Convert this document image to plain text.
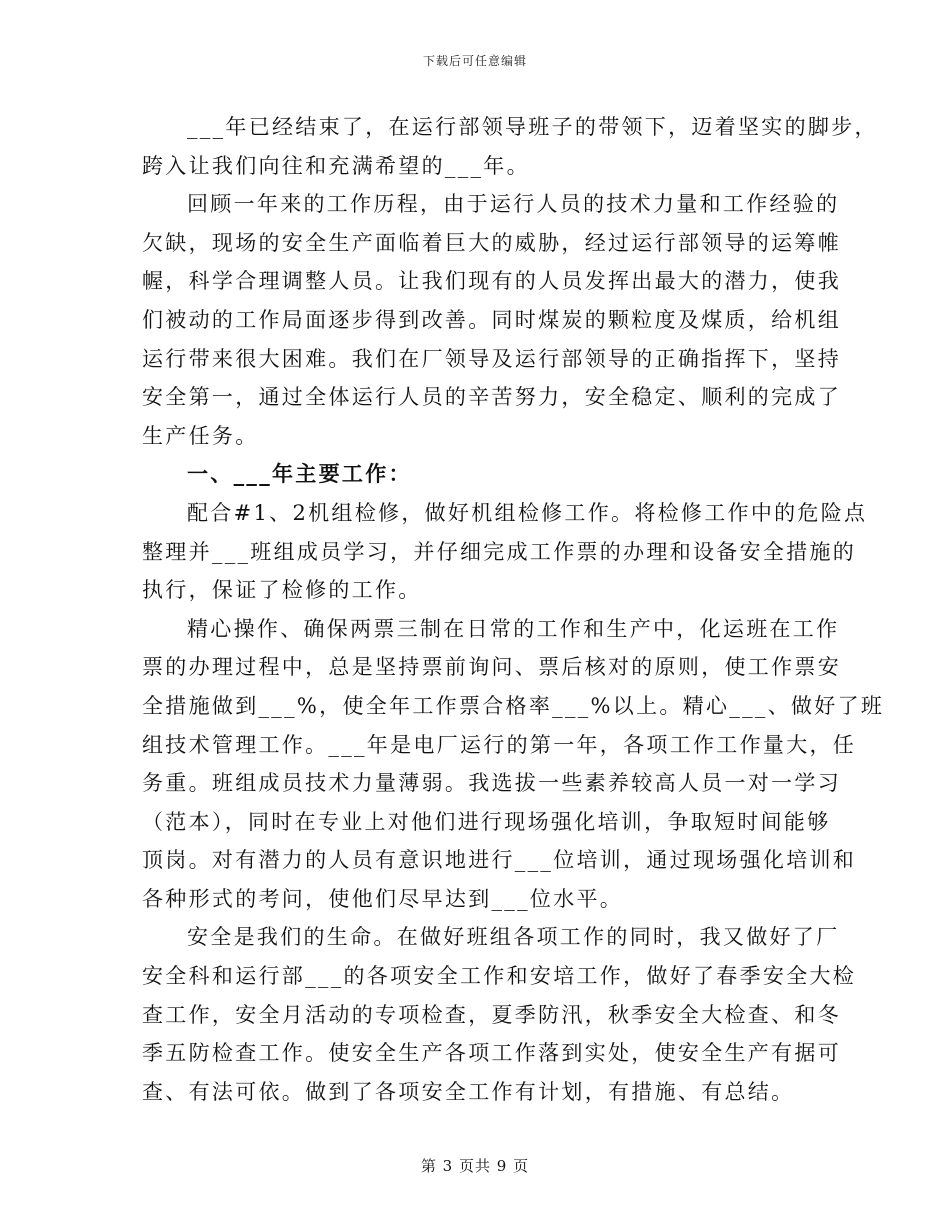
下载后可任意编辑

___年已经结束了，在运行部领导班子的带领下，迈着坚实的脚步，
跨入让我们向往和充满希望的___年。

回顾一年来的工作历程，由于运行人员的技术力量和工作经验的
欠缺，现场的安全生产面临着巨大的威胁，经过运行部领导的运筹帷
幄，科学合理调整人员。让我们现有的人员发挥出最大的潜力，使我
们被动的工作局面逐步得到改善。同时煤炭的颗粒度及煤质，给机组
运行带来很大困难。我们在厂领导及运行部领导的正确指挥下，坚持
安全第一，通过全体运行人员的辛苦努力，安全稳定、顺利的完成了
生产任务。

一、___年主要工作：

配合#1、2机组检修，做好机组检修工作。将检修工作中的危险点
整理并___班组成员学习，并仔细完成工作票的办理和设备安全措施的
执行，保证了检修的工作。

精心操作、确保两票三制在日常的工作和生产中，化运班在工作
票的办理过程中，总是坚持票前询问、票后核对的原则，使工作票安
全措施做到___%，使全年工作票合格率___%以上。精心___、做好了班
组技术管理工作。___年是电厂运行的第一年，各项工作工作量大，任
务重。班组成员技术力量薄弱。我选拔一些素养较高人员一对一学习
（范本），同时在专业上对他们进行现场强化培训，争取短时间能够
顶岗。对有潜力的人员有意识地进行___位培训，通过现场强化培训和
各种形式的考问，使他们尽早达到___位水平。

安全是我们的生命。在做好班组各项工作的同时，我又做好了厂
安全科和运行部___的各项安全工作和安培工作，做好了春季安全大检
查工作，安全月活动的专项检查，夏季防汛，秋季安全大检查、和冬
季五防检查工作。使安全生产各项工作落到实处，使安全生产有据可
查、有法可依。做到了各项安全工作有计划，有措施、有总结。

第 3 页共 9 页
